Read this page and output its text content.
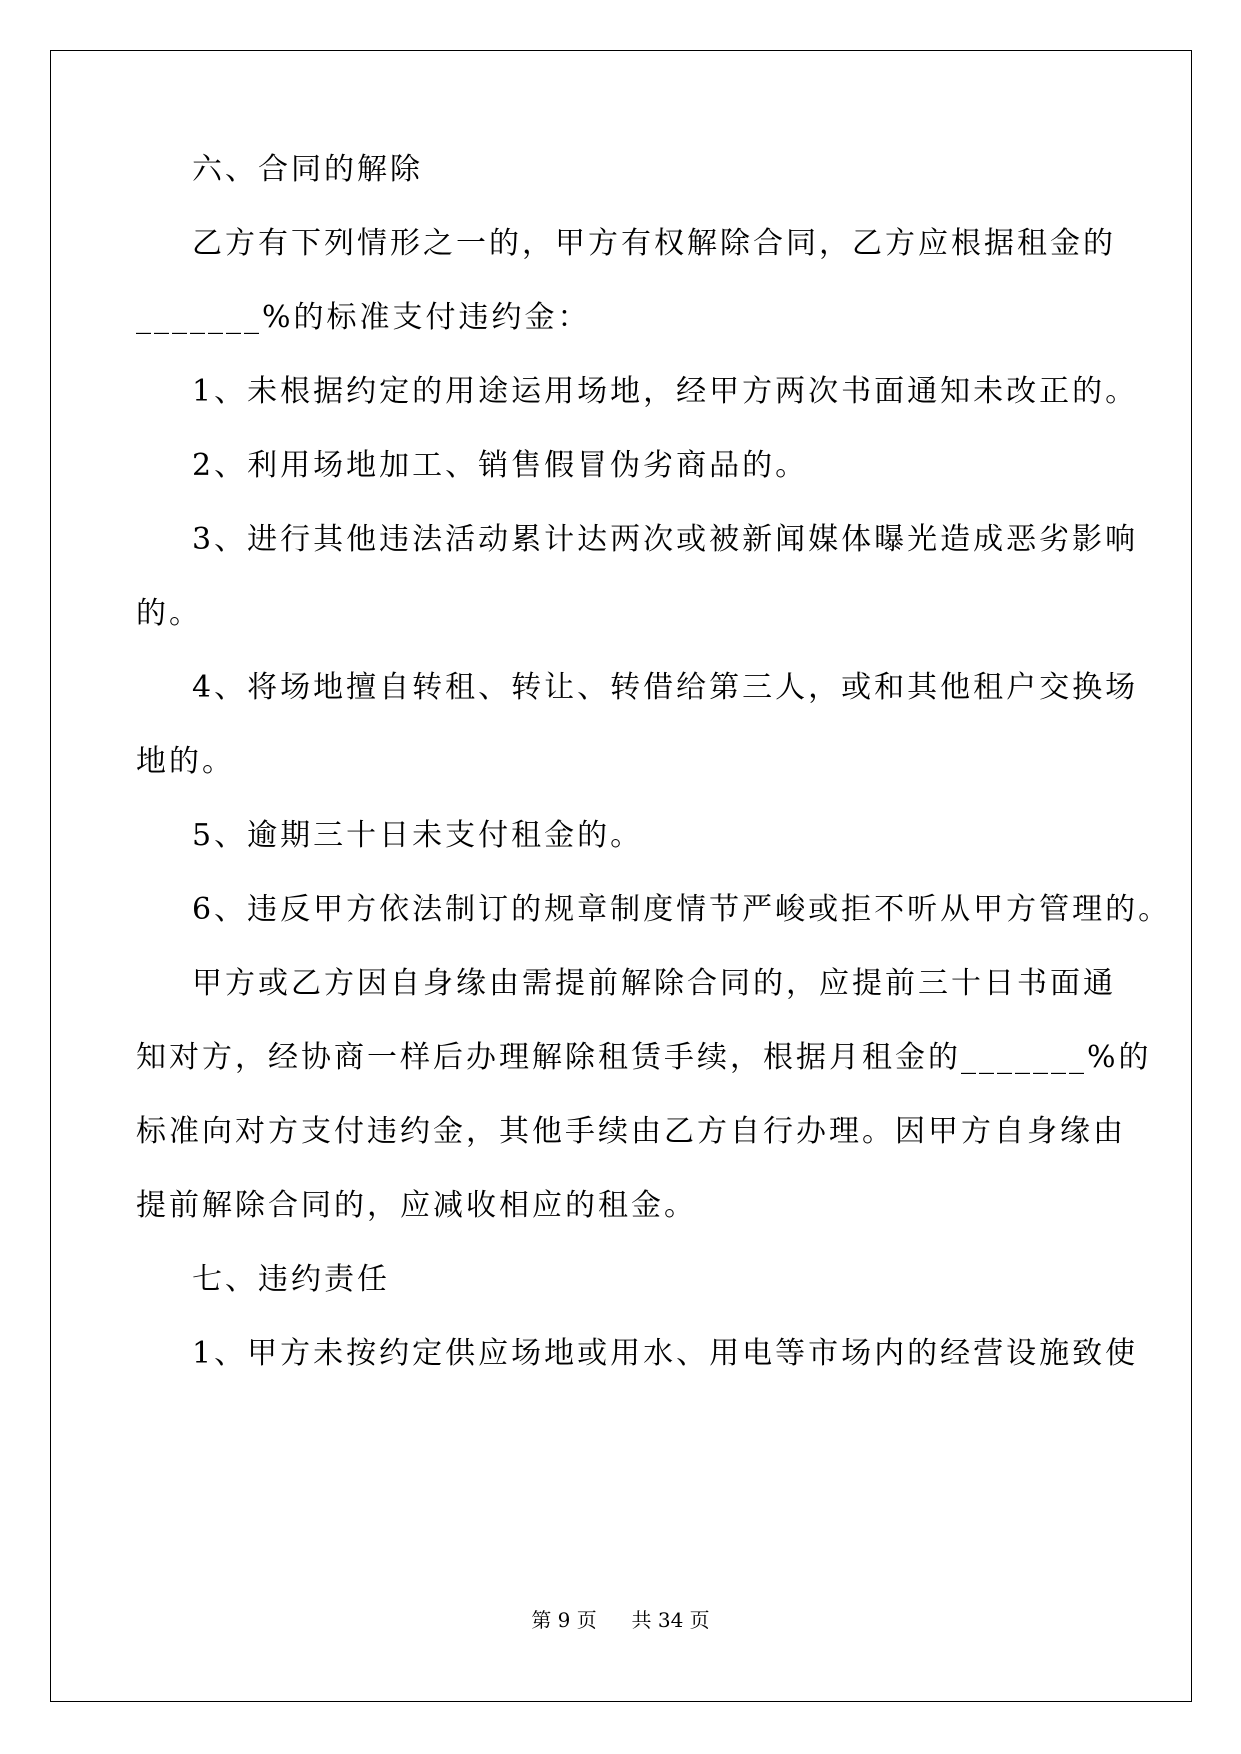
六、合同的解除
乙方有下列情形之一的，甲方有权解除合同，乙方应根据租金的
_______%的标准支付违约金：
1、未根据约定的用途运用场地，经甲方两次书面通知未改正的。
2、利用场地加工、销售假冒伪劣商品的。
3、进行其他违法活动累计达两次或被新闻媒体曝光造成恶劣影响
的。
4、将场地擅自转租、转让、转借给第三人，或和其他租户交换场
地的。
5、逾期三十日未支付租金的。
6、违反甲方依法制订的规章制度情节严峻或拒不听从甲方管理的。
甲方或乙方因自身缘由需提前解除合同的，应提前三十日书面通
知对方，经协商一样后办理解除租赁手续，根据月租金的_______%的
标准向对方支付违约金，其他手续由乙方自行办理。因甲方自身缘由
提前解除合同的，应减收相应的租金。
七、违约责任
1、甲方未按约定供应场地或用水、用电等市场内的经营设施致使
第 9 页 共 34 页
